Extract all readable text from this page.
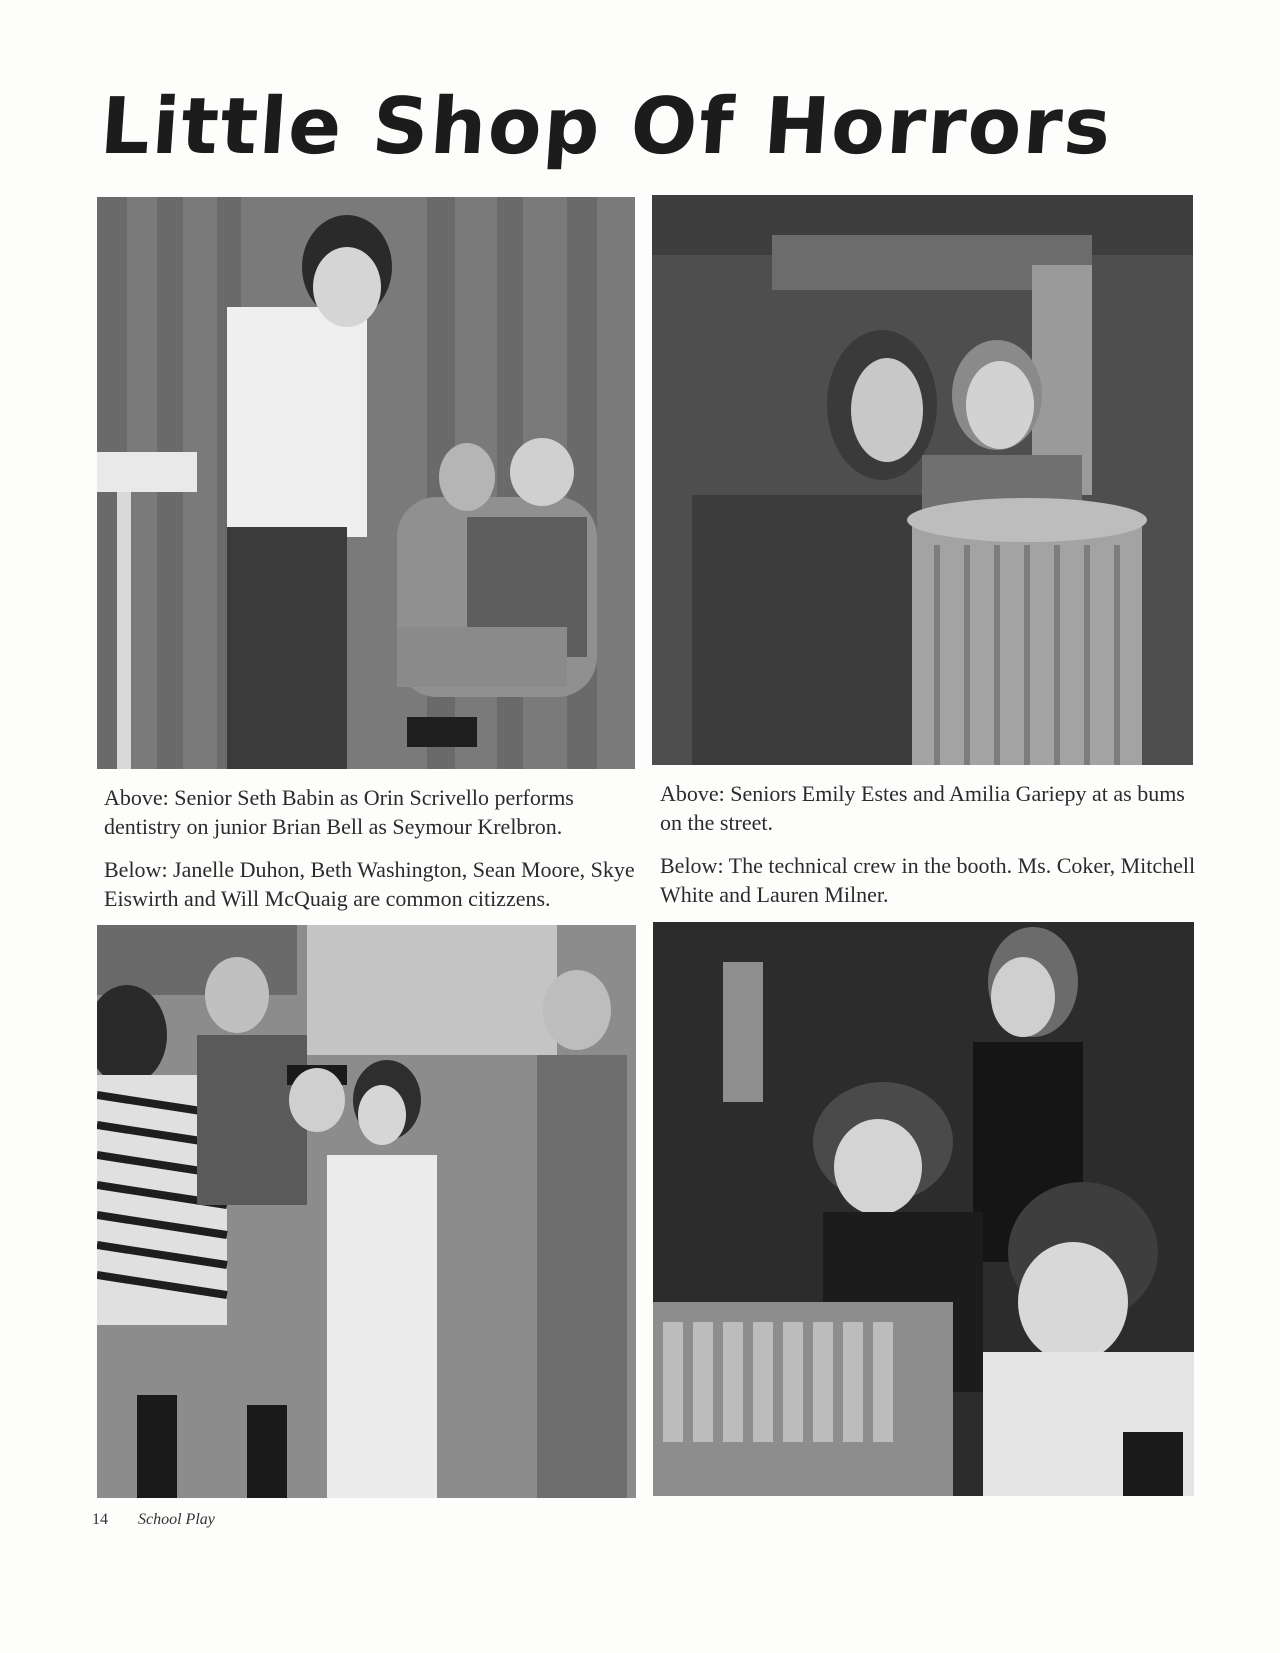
Little Shop Of Horrors

Above: Senior Seth Babin as Orin Scrivello performs dentistry on junior Brian Bell as Seymour Krelbron.

Below: Janelle Duhon, Beth Washington, Sean Moore, Skye Eiswirth and Will McQuaig are common citizzens.

Above: Seniors Emily Estes and Amilia Gariepy at as bums on the street.

Below: The technical crew in the booth. Ms. Coker, Mitchell White and Lauren Milner.

14 School Play
